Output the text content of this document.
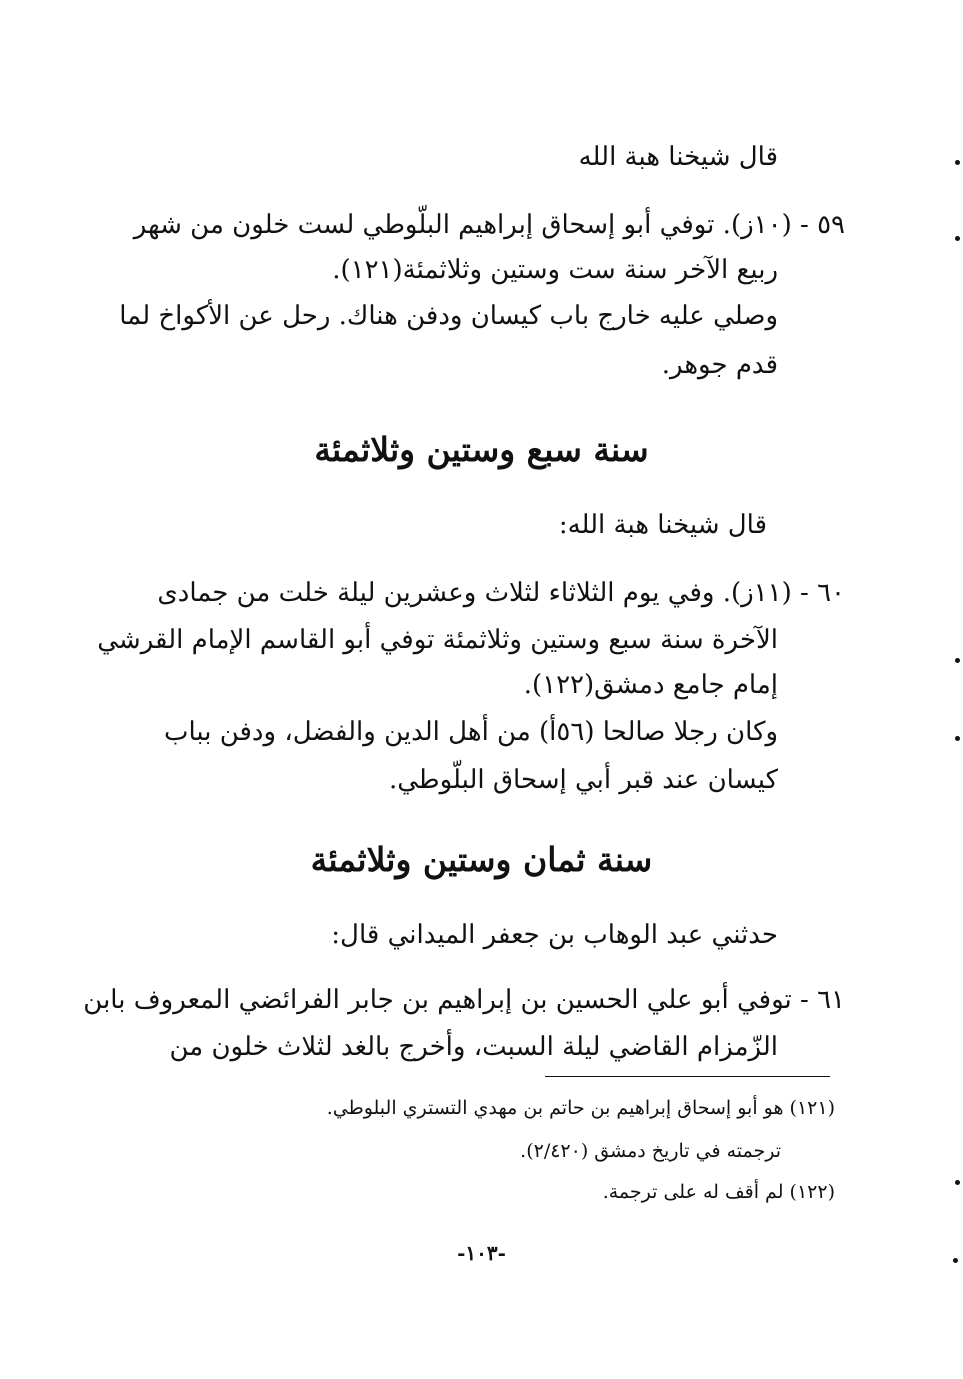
قال شيخنا هبة الله
٥٩ - (١٠ز). توفي أبو إسحاق إبراهيم البلّوطي لست خلون من شهر
ربيع الآخر سنة ست وستين وثلاثمئة(١٢١).
وصلي عليه خارج باب كيسان ودفن هناك. رحل عن الأكواخ لما
قدم جوهر.
سنة سبع وستين وثلاثمئة
قال شيخنا هبة الله:
٦٠ - (١١ز). وفي يوم الثلاثاء لثلاث وعشرين ليلة خلت من جمادى
الآخرة سنة سبع وستين وثلاثمئة توفي أبو القاسم الإمام القرشي
إمام جامع دمشق(١٢٢).
وكان رجلا صالحا (٥٦أ) من أهل الدين والفضل، ودفن بباب
كيسان عند قبر أبي إسحاق البلّوطي.
سنة ثمان وستين وثلاثمئة
حدثني عبد الوهاب بن جعفر الميداني قال:
٦١ - توفي أبو علي الحسين بن إبراهيم بن جابر الفرائضي المعروف بابن
الزّمزام القاضي ليلة السبت، وأخرج بالغد لثلاث خلون من
(١٢١) هو أبو إسحاق إبراهيم بن حاتم بن مهدي التستري البلوطي.
ترجمته في تاريخ دمشق (٢/٤٢٠).
(١٢٢) لم أقف له على ترجمة.
-١٠٣-
